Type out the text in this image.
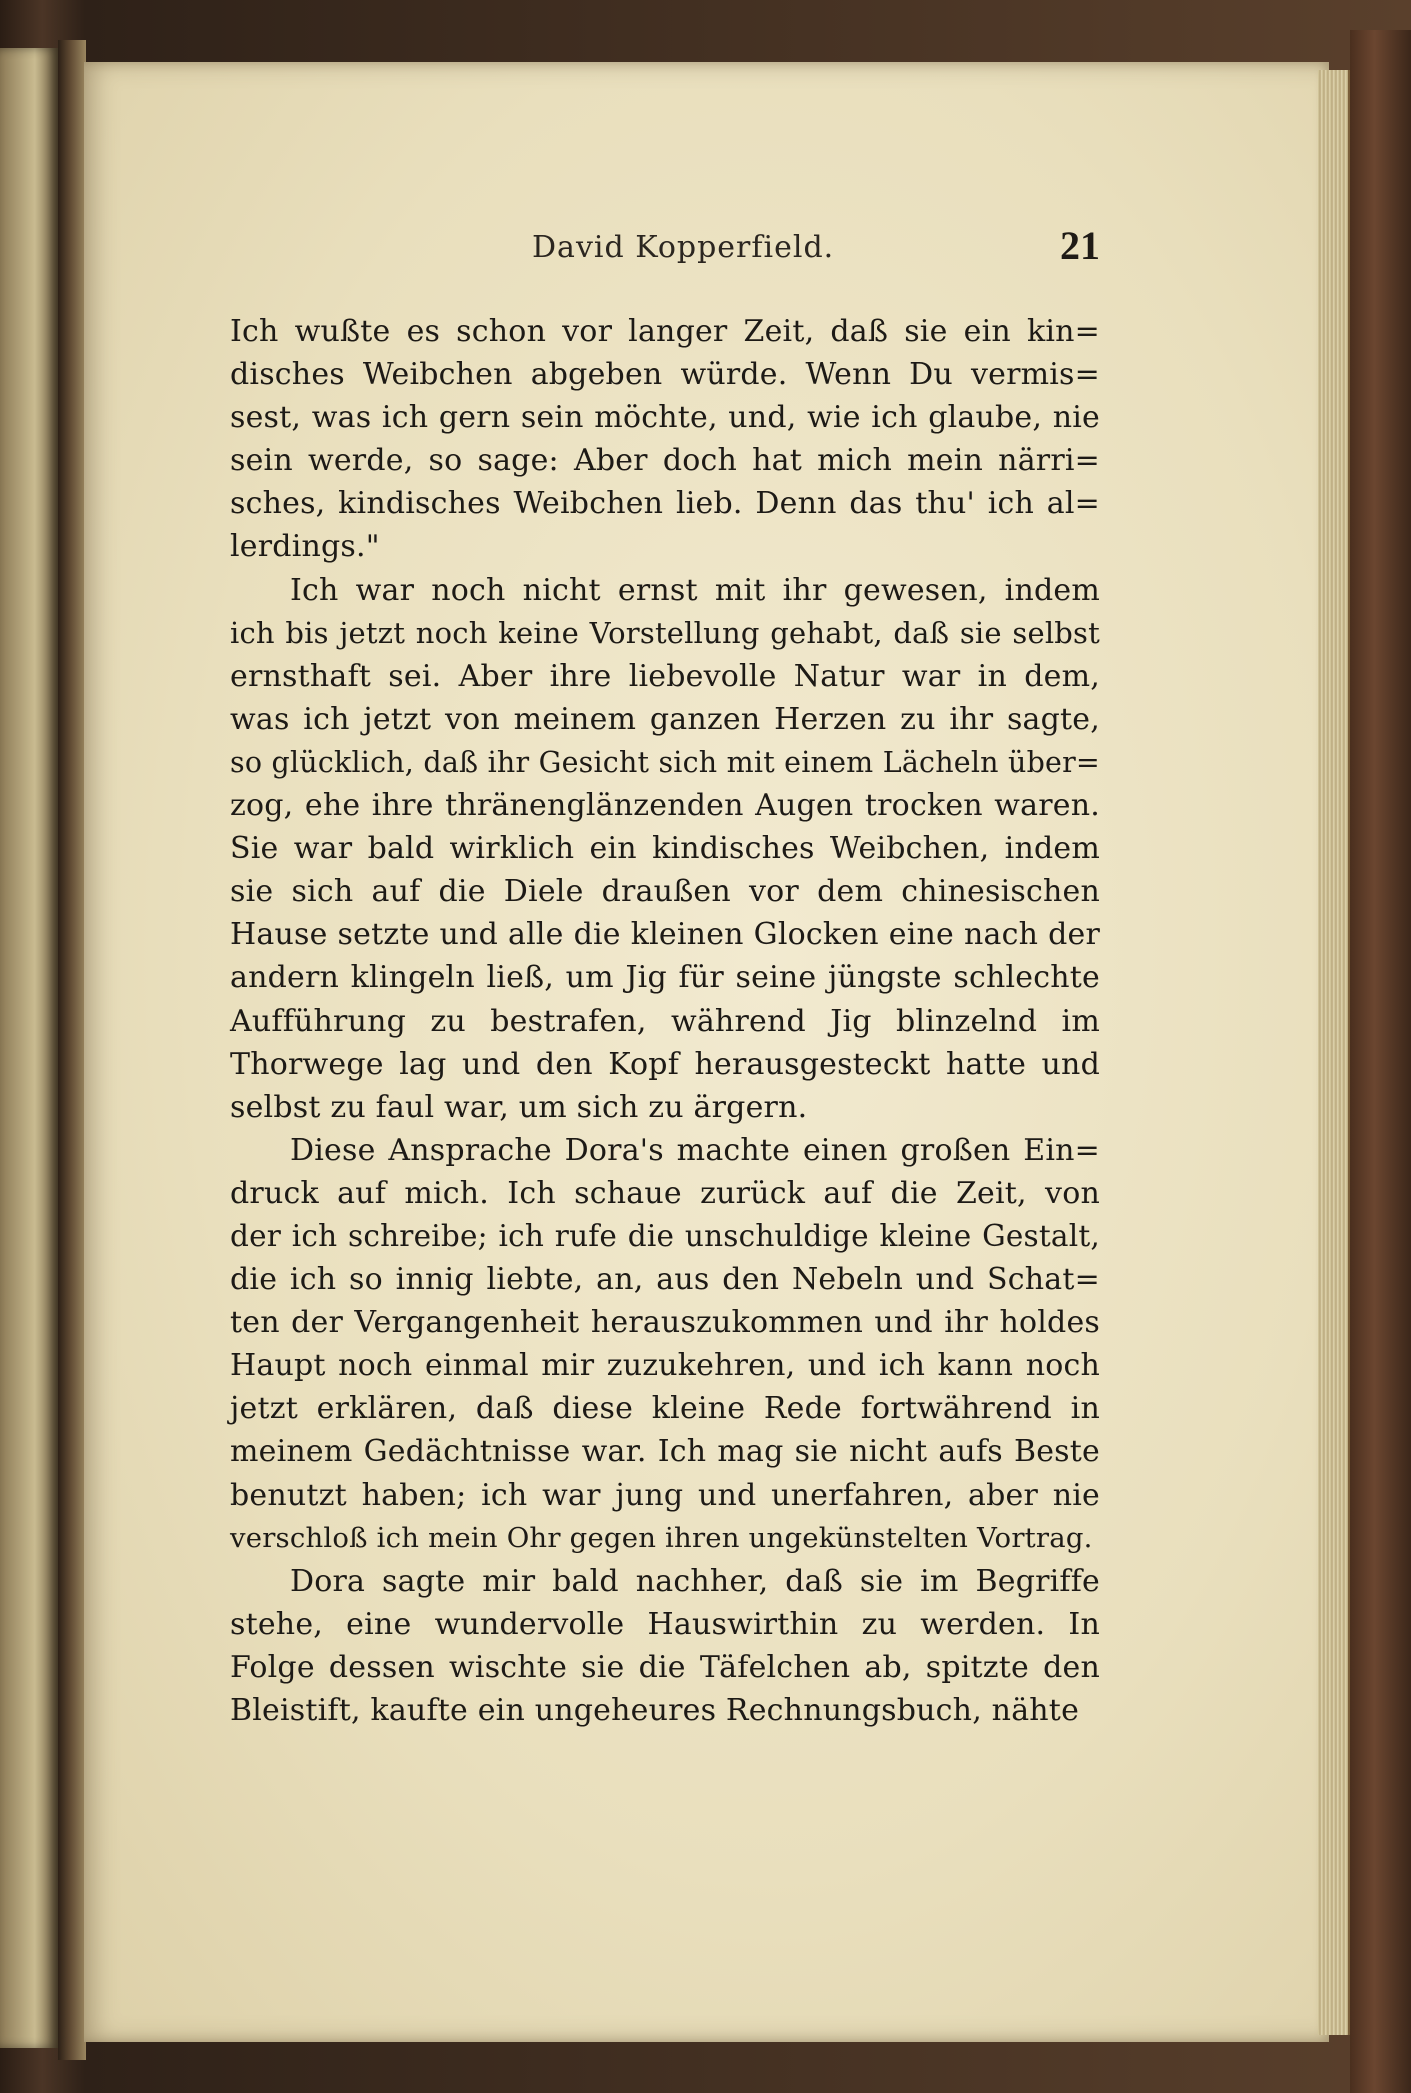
David Kopperfield.	21
Ich wußte es schon vor langer Zeit, daß sie ein kin=
disches Weibchen abgeben würde. Wenn Du vermis=
sest, was ich gern sein möchte, und, wie ich glaube, nie
sein werde, so sage: Aber doch hat mich mein närri=
sches, kindisches Weibchen lieb. Denn das thu' ich al=
lerdings."
Ich war noch nicht ernst mit ihr gewesen, indem
ich bis jetzt noch keine Vorstellung gehabt, daß sie selbst
ernsthaft sei. Aber ihre liebevolle Natur war in dem,
was ich jetzt von meinem ganzen Herzen zu ihr sagte,
so glücklich, daß ihr Gesicht sich mit einem Lächeln über=
zog, ehe ihre thränenglänzenden Augen trocken waren.
Sie war bald wirklich ein kindisches Weibchen, indem
sie sich auf die Diele draußen vor dem chinesischen
Hause setzte und alle die kleinen Glocken eine nach der
andern klingeln ließ, um Jig für seine jüngste schlechte
Aufführung zu bestrafen, während Jig blinzelnd im
Thorwege lag und den Kopf herausgesteckt hatte und
selbst zu faul war, um sich zu ärgern.
Diese Ansprache Dora's machte einen großen Ein=
druck auf mich. Ich schaue zurück auf die Zeit, von
der ich schreibe; ich rufe die unschuldige kleine Gestalt,
die ich so innig liebte, an, aus den Nebeln und Schat=
ten der Vergangenheit herauszukommen und ihr holdes
Haupt noch einmal mir zuzukehren, und ich kann noch
jetzt erklären, daß diese kleine Rede fortwährend in
meinem Gedächtnisse war. Ich mag sie nicht aufs Beste
benutzt haben; ich war jung und unerfahren, aber nie
verschloß ich mein Ohr gegen ihren ungekünstelten Vortrag.
Dora sagte mir bald nachher, daß sie im Begriffe
stehe, eine wundervolle Hauswirthin zu werden. In
Folge dessen wischte sie die Täfelchen ab, spitzte den
Bleistift, kaufte ein ungeheures Rechnungsbuch, nähte
